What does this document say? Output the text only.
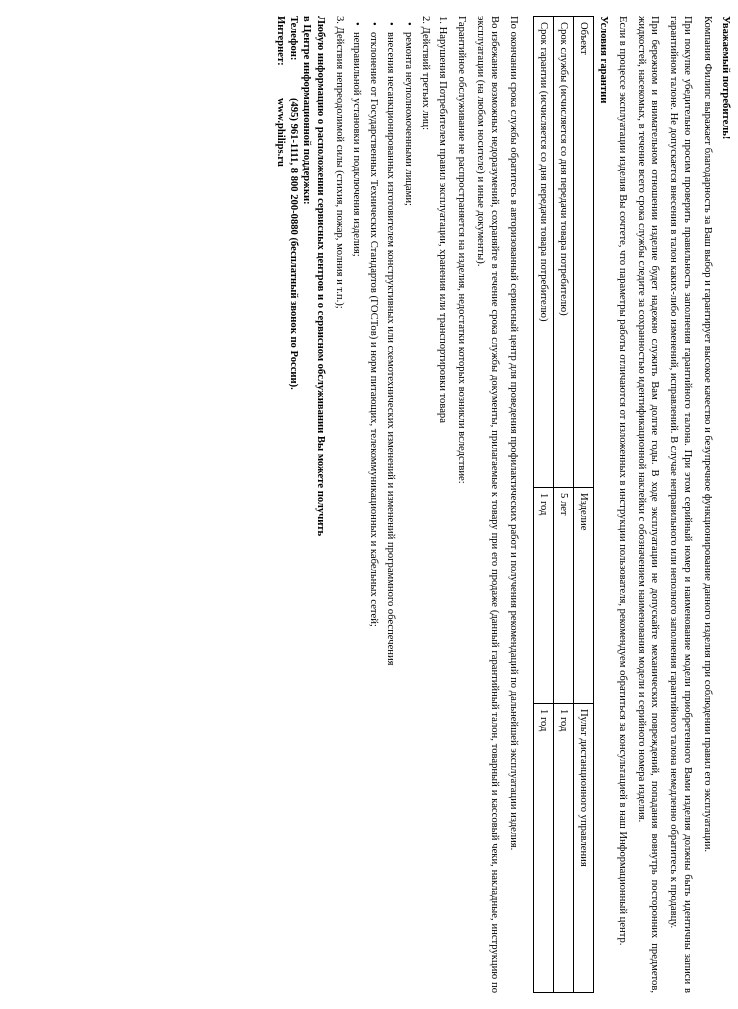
Уважаемый потребитель!
Компания Филипс выражает благодарность за Ваш выбор и гарантирует высокое качество и безупречное функционирование данного изделия при соблюдении правил его эксплуатации.
При покупке убедительно просим проверить правильность заполнения гарантийного талона. При этом серийный номер и наименование модели приобретенного Вами изделия должны быть идентичны записи в гарантийном талоне. Не допускается внесения в талон каких-либо изменений, исправлений. В случае неправильного или неполного заполнения гарантийного талона немедленно обратитесь к продавцу.
При бережном и внимательном отношении изделие будет надежно служить Вам долгие годы. В ходе эксплуатации не допускайте механических повреждений, попадания вовнутрь посторонних предметов, жидкостей, насекомых, в течение всего срока службы следите за сохранностью идентификационной наклейки с обозначением наименования модели и серийного номера изделия.
Если в процессе эксплуатации изделия Вы сочтете, что параметры работы отличаются от изложенных в инструкции пользователя, рекомендуем обратиться за консультацией в наш Информационный центр.
Условия гарантии
Объект	Изделие	Пульт дистанционного управления
Срок службы (исчисляется со дня передачи товара потребителю)	5 лет	1 год
Срок гарантии (исчисляется со дня передачи товара потребителю)	1 год	1 год
По окончании срока службы обратитесь в авторизованный сервисный центр для проведения профилактических работ и получения рекомендаций по дальнейшей эксплуатации изделия.
Во избежание возможных недоразумений, сохраняйте в течение срока службы документы, прилагаемые к товару при его продаже (данный гарантийный талон, товарный и кассовый чеки, накладные, инструкцию по эксплуатации (на любом носителе) и иные документы).
Гарантийное обслуживание не распространяется на изделия, недостатки которых возникли вследствие:
1. Нарушения Потребителем правил эксплуатации, хранения или транспортировки товара
2. Действий третьих лиц:
•ремонта неуполномоченными лицами;
•внесения несанкционированных изготовителем конструктивных или схемотехнических изменений и изменений программного обеспечения
•отклонение от Государственных Технических Стандартов (ГОСТов) и норм питающих, телекоммуникационных и кабельных сетей;
•неправильной установки и подключения изделия;
3. Действия непреодолимой силы (стихия, пожар, молния и т.п.);
Любую информацию о расположении сервисных центров и о сервисном обслуживании Вы можете получить
в Центре информационной поддержки:
Телефон:
(495) 961-1111, 8 800 200-0880 (бесплатный звонок по России).
Интернет:
www.philips.ru
